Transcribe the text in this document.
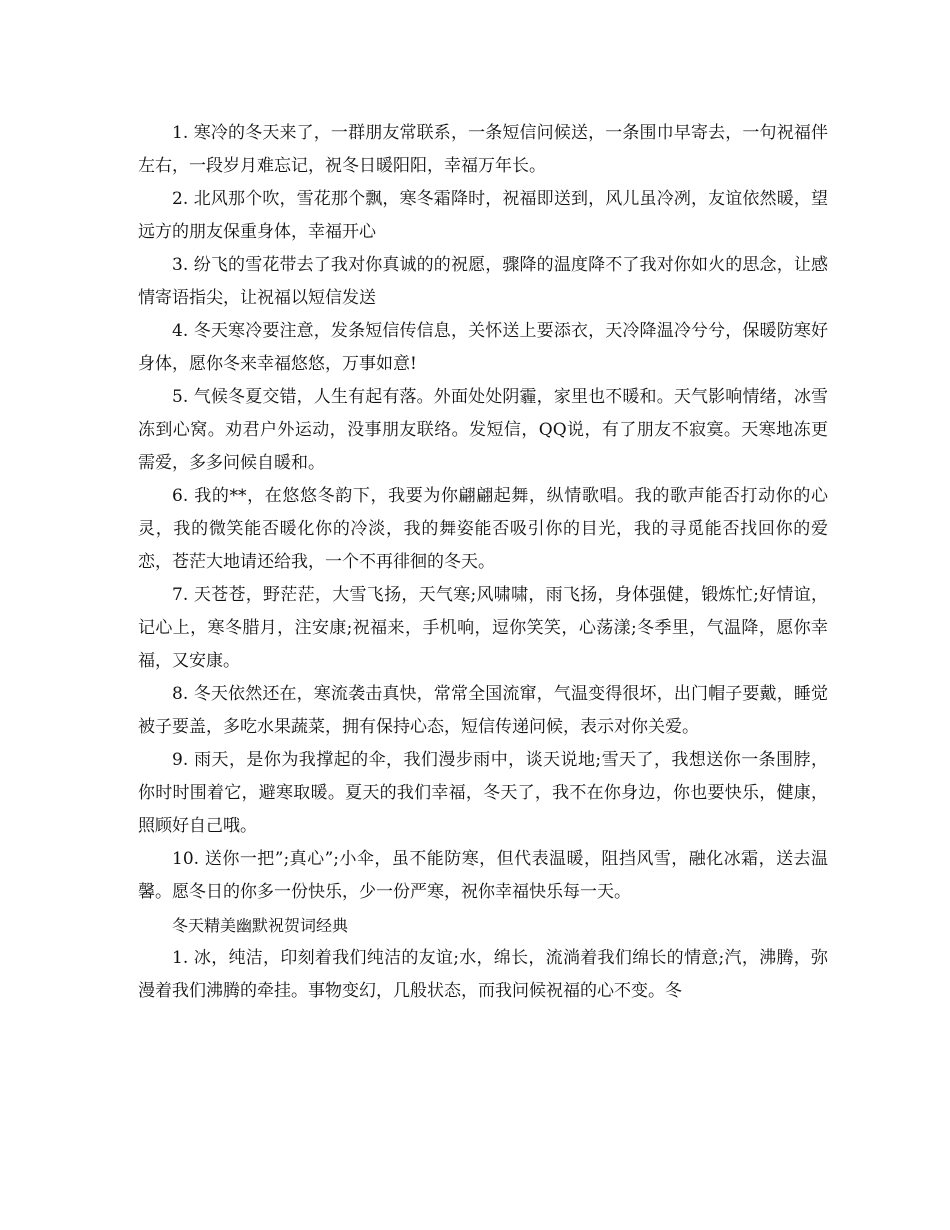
1. 寒冷的冬天来了，一群朋友常联系，一条短信问候送，一条围巾早寄去，一句祝福伴左右，一段岁月难忘记，祝冬日暖阳阳，幸福万年长。

2. 北风那个吹，雪花那个飘，寒冬霜降时，祝福即送到，风儿虽冷冽，友谊依然暖，望远方的朋友保重身体，幸福开心

3. 纷飞的雪花带去了我对你真诚的的祝愿，骤降的温度降不了我对你如火的思念，让感情寄语指尖，让祝福以短信发送

4. 冬天寒冷要注意，发条短信传信息，关怀送上要添衣，天冷降温冷兮兮，保暖防寒好身体，愿你冬来幸福悠悠，万事如意!

5. 气候冬夏交错，人生有起有落。外面处处阴霾，家里也不暖和。天气影响情绪，冰雪冻到心窝。劝君户外运动，没事朋友联络。发短信，QQ说，有了朋友不寂寞。天寒地冻更需爱，多多问候自暖和。

6. 我的**，在悠悠冬韵下，我要为你翩翩起舞，纵情歌唱。我的歌声能否打动你的心灵，我的微笑能否暖化你的冷淡，我的舞姿能否吸引你的目光，我的寻觅能否找回你的爱恋，苍茫大地请还给我，一个不再徘徊的冬天。

7. 天苍苍，野茫茫，大雪飞扬，天气寒;风啸啸，雨飞扬，身体强健，锻炼忙;好情谊，记心上，寒冬腊月，注安康;祝福来，手机响，逗你笑笑，心荡漾;冬季里，气温降，愿你幸福，又安康。

8. 冬天依然还在，寒流袭击真快，常常全国流窜，气温变得很坏，出门帽子要戴，睡觉被子要盖，多吃水果蔬菜，拥有保持心态，短信传递问候，表示对你关爱。

9. 雨天，是你为我撑起的伞，我们漫步雨中，谈天说地;雪天了，我想送你一条围脖，你时时围着它，避寒取暖。夏天的我们幸福，冬天了，我不在你身边，你也要快乐，健康，照顾好自己哦。

10. 送你一把”;真心”;小伞，虽不能防寒，但代表温暖，阻挡风雪，融化冰霜，送去温馨。愿冬日的你多一份快乐，少一份严寒，祝你幸福快乐每一天。

冬天精美幽默祝贺词经典

1. 冰，纯洁，印刻着我们纯洁的友谊;水，绵长，流淌着我们绵长的情意;汽，沸腾，弥漫着我们沸腾的牵挂。事物变幻，几般状态，而我问候祝福的心不变。冬
